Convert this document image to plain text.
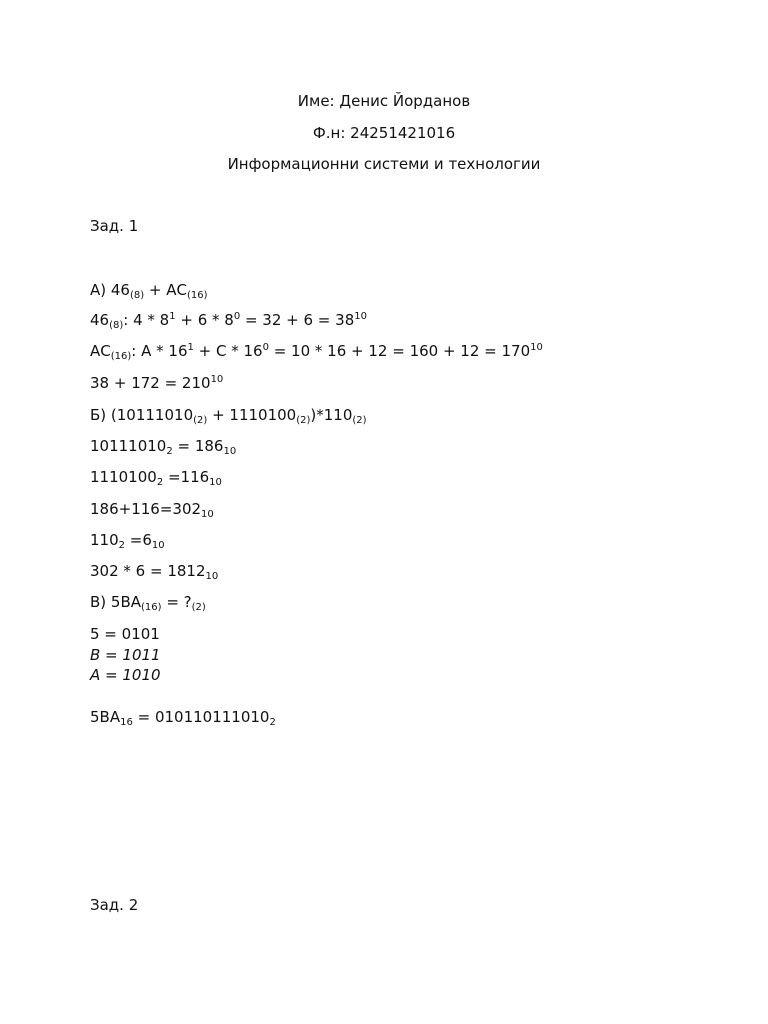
Име: Денис Йорданов
Ф.н: 24251421016
Информационни системи и технологии
Зад. 1
А) $46_{(8)} + АС_{(16)}$
$46_{(8)}$: $4 * 8^1 + 6 * 8^0 = 32 + 6 = 38^{10}$
$АС_{(16)}$: $А * 16^1 + С * 16^0 = 10 * 16 + 12 = 160 + 12 = 170^{10}$
$38 + 172 = 210^{10}$
Б) $(10111010_{(2)} + 1110100_{(2)})*110_{(2)}$
$10111010_2 = 186_{10}$
$1110100_2 =116_{10}$
$186+116=302_{10}$
$110_2 =6_{10}$
$302 * 6 = 1812_{10}$
В) $5ВА_{(16)}$ = $?_{(2)}$
5 = 0101
В = 1011
А = 1010
$5ВА_{16} = 010110111010_2$
Зад. 2
